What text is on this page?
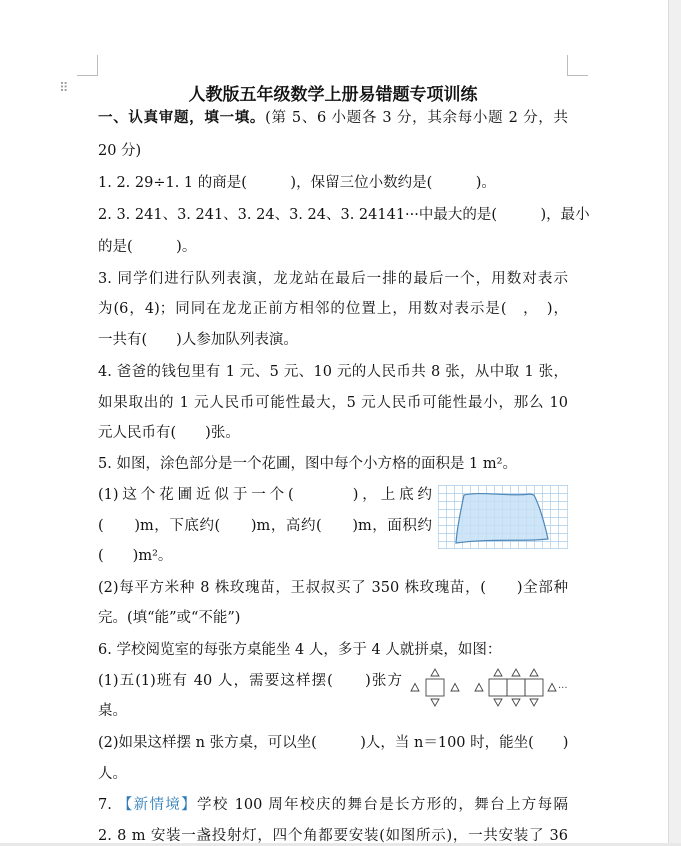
⠿	人教版五年级数学上册易错题专项训练
一、认真审题，填一填。(第 5、6 小题各 3 分，其余每小题 2 分，共
20 分)
1. 2. 29÷1. 1 的商是(　　　)，保留三位小数约是(　　　)。
2. 3. 241、3. 241、3. 24、3. 24、3. 24141···中最大的是(　　　)，最小
的是(　　　)。
3. 同学们进行队列表演，龙龙站在最后一排的最后一个，用数对表示
为(6，4)；同同在龙龙正前方相邻的位置上，用数对表示是(　，　)，
一共有(　　)人参加队列表演。
4. 爸爸的钱包里有 1 元、5 元、10 元的人民币共 8 张，从中取 1 张，
如果取出的 1 元人民币可能性最大，5 元人民币可能性最小，那么 10
元人民币有(　　)张。
5. 如图，涂色部分是一个花圃，图中每个小方格的面积是 1 m²。
(1)这个花圃近似于一个(　　　)，上底约
(　　)m，下底约(　　)m，高约(　　)m，面积约
(　　)m²。
(2)每平方米种 8 株玫瑰苗，王叔叔买了 350 株玫瑰苗，(　　)全部种
完。(填“能”或“不能”)
6. 学校阅览室的每张方桌能坐 4 人，多于 4 人就拼桌，如图：
(1)五(1)班有 40 人，需要这样摆(　　)张方
桌。
···
(2)如果这样摆 n 张方桌，可以坐(　　　)人，当 n＝100 时，能坐(　　)
人。
7. 【新情境】学校 100 周年校庆的舞台是长方形的，舞台上方每隔
2. 8 m 安装一盏投射灯，四个角都要安装(如图所示)，一共安装了 36
